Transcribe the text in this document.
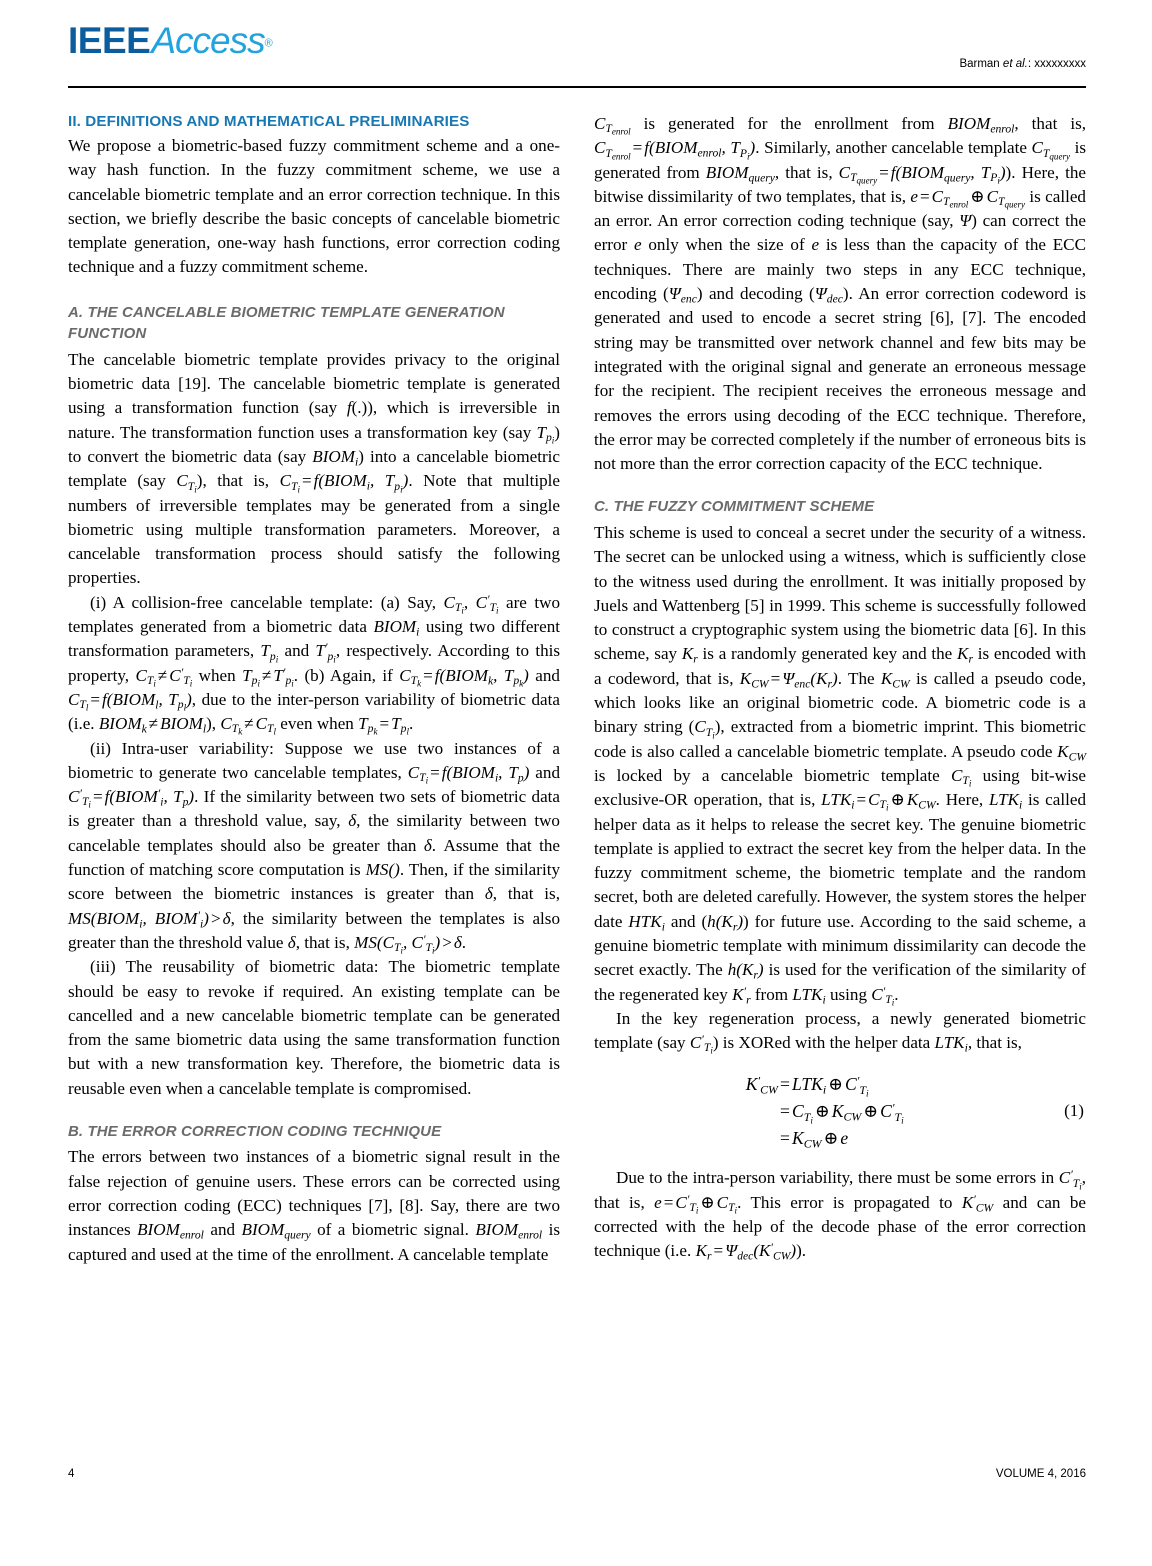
IEEEAccess®
Barman et al.: xxxxxxxxx
II. DEFINITIONS AND MATHEMATICAL PRELIMINARIES

We propose a biometric-based fuzzy commitment scheme and a one-way hash function. In the fuzzy commitment scheme, we use a cancelable biometric template and an error correction technique. In this section, we briefly describe the basic concepts of cancelable biometric template generation, one-way hash functions, error correction coding technique and a fuzzy commitment scheme.

A. THE CANCELABLE BIOMETRIC TEMPLATE GENERATION FUNCTION

The cancelable biometric template provides privacy to the original biometric data [19]. The cancelable biometric template is generated using a transformation function (say f(.)), which is irreversible in nature. The transformation function uses a transformation key (say $T_{p_i}$) to convert the biometric data (say $BIOM_i$) into a cancelable biometric template (say $C_{T_i}$), that is, $C_{T_i}$ = $f(BIOM_i$, $T_{p_i}$). Note that multiple numbers of irreversible templates may be generated from a single biometric using multiple transformation parameters. Moreover, a cancelable transformation process should satisfy the following properties.

(i) A collision-free cancelable template: (a) Say, $C_{T_i}$, $C'_{T_i}$ are two templates generated from a biometric data $BIOM_i$ using two different transformation parameters, $T_{p_i}$ and $T'_{p_i}$, respectively. According to this property, $C_{T_i} \ne C'_{T_i}$ when $T_{p_i} \ne T'_{p_i}$. (b) Again, if $C_{T_k}$ = $f(BIOM_k$, $T_{p_k}$) and $C_{T_l}$ = $f(BIOM_l$, $T_{p_l}$), due to the inter-person variability of biometric data (i.e. $BIOM_k$ ≠ $BIOM_l$), $C_{T_k} \ne C_{T_l}$ even when $T_{p_k} = T_{p_l}$.

(ii) Intra-user variability: Suppose we use two instances of a biometric to generate two cancelable templates, $C_{T_i}$ = $f(BIOM_i$, $T_p$) and $C'_{T_i}$ = $f(BIOM'_i$, $T_p$). If the similarity between two sets of biometric data is greater than a threshold value, say, δ, the similarity between two cancelable templates should also be greater than δ. Assume that the function of matching score computation is MS(). Then, if the similarity score between the biometric instances is greater than δ, that is, $MS(BIOM_i$, $BIOM'_i) > \delta$, the similarity between the templates is also greater than the threshold value δ, that is, $MS(C_{T_i}$, $C'_{T_i}) > \delta$.

(iii) The reusability of biometric data: The biometric template should be easy to revoke if required. An existing template can be cancelled and a new cancelable biometric template can be generated from the same biometric data using the same transformation function but with a new transformation key. Therefore, the biometric data is reusable even when a cancelable template is compromised.

B. THE ERROR CORRECTION CODING TECHNIQUE

The errors between two instances of a biometric signal result in the false rejection of genuine users. These errors can be corrected using error correction coding (ECC) techniques [7], [8]. Say, there are two instances $BIOM_{enrol}$ and $BIOM_{query}$ of a biometric signal. $BIOM_{enrol}$ is captured and used at the time of the enrollment. A cancelable template

$C_{T_{enrol}}$ is generated for the enrollment from $BIOM_{enrol}$, that is, $C_{T_{enrol}}$ = $f(BIOM_{enrol}$, $T_{P_i}$). Similarly, another cancelable template $C_{T_{query}}$ is generated from $BIOM_{query}$, that is, $C_{T_{query}}$ = $f(BIOM_{query}$, $T_{P_i}$)). Here, the bitwise dissimilarity of two templates, that is, $e = C_{T_{enrol}}$ ⊕ $C_{T_{query}}$ is called an error. An error correction coding technique (say, Ψ) can correct the error e only when the size of e is less than the capacity of the ECC techniques. There are mainly two steps in any ECC technique, encoding $(\Psi_{enc})$ and decoding $(\Psi_{dec})$. An error correction codeword is generated and used to encode a secret string [6], [7]. The encoded string may be transmitted over network channel and few bits may be integrated with the original signal and generate an erroneous message for the recipient. The recipient receives the erroneous message and removes the errors using decoding of the ECC technique. Therefore, the error may be corrected completely if the number of erroneous bits is not more than the error correction capacity of the ECC technique.

C. THE FUZZY COMMITMENT SCHEME

This scheme is used to conceal a secret under the security of a witness. The secret can be unlocked using a witness, which is sufficiently close to the witness used during the enrollment. It was initially proposed by Juels and Wattenberg [5] in 1999. This scheme is successfully followed to construct a cryptographic system using the biometric data [6]. In this scheme, say $K_r$ is a randomly generated key and the $K_r$ is encoded with a codeword, that is, $K_{CW} = \Psi_{enc}(K_r)$. The $K_{CW}$ is called a pseudo code, which looks like an original biometric code. A biometric code is a binary string $(C_{T_i})$, extracted from a biometric imprint. This biometric code is also called a cancelable biometric template. A pseudo code $K_{CW}$ is locked by a cancelable biometric template $C_{T_i}$ using bit-wise exclusive-OR operation, that is, $LTK_i = C_{T_i}$ ⊕ $K_{CW}$. Here, $LTK_i$ is called helper data as it helps to release the secret key. The genuine biometric template is applied to extract the secret key from the helper data. In the fuzzy commitment scheme, the biometric template and the random secret, both are deleted carefully. However, the system stores the helper date $HTK_i$ and $(h(K_r))$ for future use. According to the said scheme, a genuine biometric template with minimum dissimilarity can decode the secret exactly. The $h(K_r)$ is used for the verification of the similarity of the regenerated key $K'_r$ from $LTK_i$ using $C'_{T_i}$.

In the key regeneration process, a newly generated biometric template (say $C'_{T_i}$) is XORed with the helper data $LTK_i$, that is,

$K'_{CW} = LTK_i$ ⊕ $C'_{T_i}$
= $C_{T_i}$ ⊕ $K_{CW}$ ⊕ $C'_{T_i}$
= $K_{CW}$ ⊕ e
(1)

Due to the intra-person variability, there must be some errors in $C'_{T_i}$, that is, $e = C'_{T_i}$ ⊕ $C_{T_i}$. This error is propagated to $K'_{CW}$ and can be corrected with the help of the decode phase of the error correction technique (i.e. $K_r = \Psi_{dec}(K'_{CW})$).

4	VOLUME 4, 2016
